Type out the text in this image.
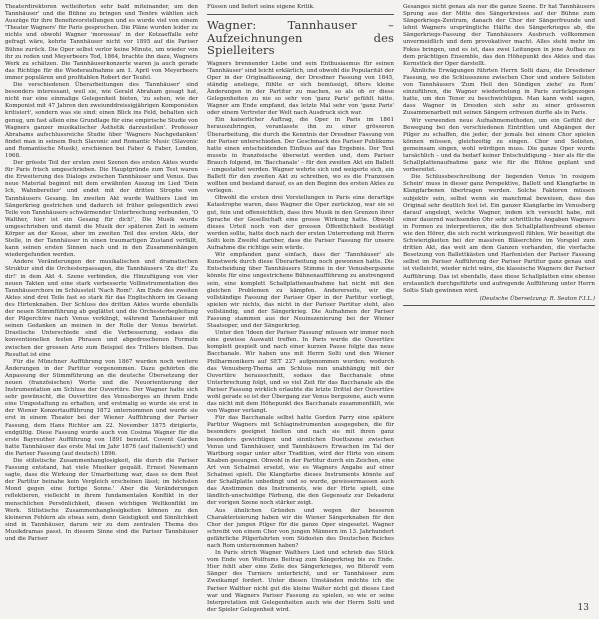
Theaterdirektoren wetteiferten sehr bald miteinander, um den Tannhäuser' und die Bühne zu bringen und Tenöre wählten sich Auszüge für ihre Benefizvorstellungen und es wurde viel von einem 'Theater Wagners' für Paris gesprochen. Die Pläne wurden leider zu nichts und obwohl Wagner 'moroseau' in der Kotzaeffalle sehr gefragt wäre, kehrte Tannhäuser nicht vor 1895 auf die Pariser Bühne zurück. Die Oper selbst verlor keine Minute, um wieder von ihr zu reden und Meyerbeers Tod, 1864, brachte ihn dazu, Wagners Werk zu schätzen. Die Tannhäuserkonzerte waren ja auch gerade das Richtige für die Wiederaufnahme am 1. April von Meyerbeers immer populären und profitablen Robert der Teufel.

Die verschiedenen Überarbeitungen des 'Tannhäuser' sind besonders interessant, weil sie, wie Gerald Abraham gesagt hat, nicht nur eine einmalige Gelegenheit bieten, 'zu sehen, wie der Komponist mit 47 Jahren den zweiunddreissigjährigen Komponisten kritisiert', sondern was sie sind: einen Blick ins Feld, behalten sich genug, um fast allein eine Grundlage für eine empirische Studie von Wagners ganzer musikalischer Ästhetik darzustellen'. Professor Abrahams aufschlussreiche Studie über 'Wagners Nachgedanken' findet man in seinem Buch Slavonic and Romantic Music (Slavonic and Romantische Musik), erschienen bei Faber & Faber, London, 1968.

Der grösste Teil der ersten zwei Szenen des ersten Aktes wurde für Paris frisch umgeschrieben. Die Hauptgründe zum Test waren die Erweiterung des Dialogs zwischen Tannhäuser und Venus. Das neue Material beginnt mit dem erwähnten Auszug im Lied 'Dein Ich, Wahnbereiter' und endet mit der dritten Strophe von Tannhäusers Gesang. Im zweiten Akt wurde Walthers Lied im Sängerkrieg gestrichen und dadurch ist früher gelegentlich zwei Teile von Tannhäusers schwärmender Unterbrechung verbunden, 'O Walther, hier ist ein Gesang für dich!', Die Musik wurde umgeschrieben und damit die Musik der späteren Zeit in seinem Körper an der Kesse, aber im zweiten Teil des ersten Akts, der Stelle, in der Tannhäuser in einen traumartigen Zustand verfällt, kann seinen ersten Sinnen nach und in den Zusammenhängen wiedergefunden werden.

Andere Veränderungen der musikalischen und dramatischen Struktur sind die Orchesterpassagen, die Tannhäusers 'Zu dir!' Zu dir!' in dem Akt 4. Szene verbinden, die Hinzufügung von vier neuen Takten und eine stark verbesserte Vollinstrumentation des Tannhäuserchors im Schlussteil 'Nach Rom!'. Am Ende des zweiten Aktes sind drei Teile fast so stark für das Englischhorn im Gesang des Hirtenknaben. Der Schluss des dritten Aktes wurde ebenfalls der neuen Stimmführung ab geglättet und die Orchesterbegleitung der Pilgerchöre nach Venus verklingt, während Tannhäuser mit seinen Gedanken an meinen in der Rolle der Venus bewirtet. Drastische Unterschiede sind die Verbesserung, sodass die konventionellen festen Phrasen und abgedroschenen Formeln zwischen der grossen Arie zum Beispiel des Trillers bleiben. Das Resultat ist eine

Für die Münchner Aufführung von 1867 wurden noch weitere Änderungen in der Partitur vorgenommen. Dazu gehörten die Anpassung der Stimmführung an die deutsche Übersetzung der neuen (französischen) Worte und die Neuorientierung der Instrumentation am Schluss der Ouvertüre. Der Wagner hatte sich sehr gewünscht, die Ouvertüre des Venusberges an ihrem Ende eine Umgestaltung zu erhalten, und erstmalig so wurde sie erst in der Wiener Konzertaufführung 1872 unternommen und wurde sie erst in einem Theater bei der Wiener Aufführung der Pariser Fassung, dem Hans Richter am 22. November 1875 dirigierte, endgültig. Diese Fassung wurde auch von Cosima Wagner für die erste Bayreuther Aufführung von 1891 benutzt. Covent Garden hatte Tannhäuser das erste Mal im Jahr 1876 (auf italienisch!) und die Pariser Fassung (auf deutsch) 1896.

Die stilistische Zusammenhanglosigkeit, die durch die Pariser Fassung entstand, hat viele Musiker gequält. Ernest Newmann sagte, dass die Wirkung der Umarbeitung war, dass es dem Rest der Partitur beinahe kein Vergleich erscheinen lässt; im höchsten Mond gegen eine fortige Sonne.' Aber die Veränderungen reflektieren, vielleicht in ihrem fundamentalen Konflikt in der menschlichen Persönlichkeit, diesen wichtigen Weltkonflikt im Werk. Stilistische Zusammenhanglosigkeiten können zu den kleineren Fehlern als etwas sein, denn Geistigkeit und Sinnlichkeit sind in Tannhäuser, darum wir zu dem zentralen Thema des Musikdramas passt. In diesem Sinne sind die Pariser Tannhäuser und die Pariser

Füssen und liefert seine eigene Kritik.

Wagner: Tannhauser – Aufzeichnungen des Spielleiters

Wagners brennender Liebe und sein Enthusiasmus für seinen 'Tannhäuser' sind leicht erklärlich, und obwohl die Popularität der Oper in der Originalfassung, der Dresdner Fassung von 1845, ständig anstiege, fühlte er sich bemüssigt, öfters kleine Änderungen in der Partitur zu machen, so als ob er diese Gelegenheiten zu nie so sehr von 'ganz Paris' gefühlt hätte. Wagner am Ende empfand, das letzte Mal sehr von 'ganz Paris' oder einem Vertreter der Welt nach Ausdruck sich war.

Ein kaiserlicher Auftrag, die Oper in Paris im 1861 herauszubringen, veranlasste ihn zu einer grösseren Überarbeitung, die durch die Kenntnis der Dresdner Fassung von der Pariser unterschieden. Der Geschmack des Pariser Publikums hatte einen entscheidenden Einfluss auf das Ergebnis. Der Text musste in französische übersetzt werden und, dem Pariser Brauch folgend, im 'Bacchanale' – für den zweiten Akt ein Ballett – umgestaltet werden. Wagner wehrte sich und weigerte sich, ein Ballett für den zweiten Akt zu schreiben, wo es die Franzosen wollten und bestand darauf, es an den Beginn des ersten Aktes zu verlegen.

Obwohl die ersten drei Vorstellungen in Paris eine derartige Katastrophe waren, dass Wagner die Oper zurückzog, war sie so gut, fein und offensichtlich, dass ihre Musik in den Grenzen ihrer Sprache der Gesellschaft eine grosse Wirkung hatte. Obwohl dieses Urteil noch von der grossen Öffentlichkeit bestätigt werden sollte, hatte doch nach der ersten Unterredung mit Herrn Solti kein Zweifel darüber, dass die Pariser Fassung für unsere Aufnahme die richtige sein würde.

Wir empfanden ganz einfach, dass der 'Tannhäuser' als Kunstwerk durch diese Überarbeitung noch gewonnen hatte. Die Entscheidung über Tannhäusers Stimme in der Venusbergszene könnte für eine ungestrichene Bühnenaufführung zu anstrengend sein, eine komplett Schallplattenaufnahme hat nicht mit den gleichen Problemen zu kämpfen. Andererseits, wir die vollständige Fassung der Pariser Oper in der Partitur vorliegt, spielen wir nichts, das nicht in der Pariser Partitur steht, also vollständig, und der Sängerkrieg. Die Aufnahmen der Pariser Fassung stammen aus der Neuinszenierung bei der Wiener Staatsoper, und der Sängerkrieg.

Unter den 'Ideen der Pariser Fassung' müssen wir immer noch eine gewisse Auswahl treffen. In Paris wurde die Ouvertüre komplett gespielt und nach einer kurzen Pause folgte das neue Bacchanale. Wir haben uns mit Herrn Solti und den Wiener Philharmonikern auf SET 227 aufgenommen wurden; wodurch das Venusberg-Thema am Schluss nun unabhängig mit der Ouvertüre herausschnitt, sodass das Bacchanale ohne Unterbrechung folgt, und so viel Zeit für das Bacchanale als die Pariser Fassung wirklich erlaubte die letzte Drittel der Ouvertüre wohl gerade so ist der Übergang zur Venus bergszene, auch wenn das nicht mit dem Höhepunkt des Bacchanals zusammenfällt, wie von Wagner verlangt.

Für das Bacchanale selbst hatte Gordon Parry eine spätere Partitur Wagners mit Schlaginstrumenten ausgegeben, die für besonders geeignet hielten und nach sie mit ihren ganz besonders gewichtigen und sinnlichen Duettszene zwischen Venus und Tannhäuser, und Tannhäusers Erwachen im Tal der Wartburg sogar unter alter Tradition, wird der Hirte von einem Knaben gesungen. Obwohl in der Partitur durch ein Zeichen, eine Art von Schalmei ersetzt, wie es Wagners Angabe auf einer Schalmei spielt. Die Klangfarbe dieses Instruments könnte auf der Schallplatte unbedingt und so wurde, gewissermassen auch das Anstimmen des Instruments, wie der Hirte spielt, eine ländlich-unschuldige Färbung, die den Gegensatz zur Dekadenz der vorigen Szene noch stärker zeigt.

Aus ähnlichen Gründen und wegen der besseren Charakterisierung haben wir die Wiener Sängerknaben für den Chor der jungen Pilger für die ganze Oper eingesetzt. Wagner schreibt von einem Chor von jungen Männern im 13. Jahrhundert gefährliche Pilgerfahrten vom Südosten des Deutschen Reiches nach Rom unternommen haben?

In Paris strich Wagner Walthers Lied und schrieb das Stück vom Ende von Wolframs Beitrag zum Sängerkrieg bis zu Ende. Hier fehlt aber eine Zeile des Sängerkrieges, wo Biterolf vom Sänger des Turniers unterbricht, und er Tannhäuser zum Zweikampf fordert. Unter diesen Umständen möchte ich die Pariser Walther nicht gut die kleine Walter nicht gut dieses Lied war und Wagners Pariser Fassung zu spielen, so wie er seine Interpretation mit Gelegenheiten auch wie der Herrn Solti und der Spieler Gelegenheit wird.

Gesanges nicht genau als nur die ganze Szene. Er hat Tannhäusers Sprung aus der Mitte des Sängerkreises auf der Bühne zum Sängerkriegs-Zentrum, danach der Chor der Sängerfreunde und lehnt Wagners ursprüngliche Hälfte des Sängerkrieges ab, die Sängerkriegs-Fassung der Tannhäusers Ausbruch vollkommen unvermeidlich und dem provokativer macht. Alles steht mehr im Fokus bringen, und es ist, dass zwei Leitungen in jene Aufbau zu dem prächtigen Ensemble, das den Höhepunkt des Aktes und das Kernstück der Oper darstellt.

Ähnliche Erwägungen führten Herrn Solti dazu, die Dresdener Fassung, wo die Schlussszene zwischen Chor und andere Solisten von Tannhäusers 'Zum Heil den Sündigen ziehe' zu Rom' einzuführen, die Wagner wiederholung in Paris zurückgezogen hatte, um den Tenor zu beschwichtigen. Man kann wohl sagen, dass Wagner in Dresden sich sehr zu einer grösseren Zusammenarbeit mit seinen Sängern erfreuen durfte als in Paris.

Wir verwenden neue Aufnahmemethoden, um ein Gefühl der Bewegung bei den verschiedenen Eintritten und Abgängen der Pilger zu schaffen, die jeder, der jemals bei einem Chor spielen können müssen, gleichzeitig zu singen. Chor und Solisten, gemeinsam singen, wohl würdigen muss. Die ganze Oper wurde tarsächlich – und da bedarf keiner Entschuldigung – hier als für die Schallplattenaufnahme ganz wie für die Bühne geplant und vorbereitet.

Die Schlussbeschreibung der liegenden Venus 'in rosigem Schein' muss in dieser ganz Perspektive, Ballett und Klangfarbe in Klangfarbenen übertragen werden. Solche Faktoren müssen subjektiv sein, selbst wenn sie manchmal beweisen, dass das Original sehr deutlich fest ist. Ein ganzer Klangfarbe im Venusberg darauf angelegt, welche Wagner, indem ich versucht habe, mit einer dauernd wachsenden Ohr sehr schrittliche Angaben Wagners in Formen zu interpretieren, die den Schallplattenfreund ebenso wie den Hörer, die sich recht wirkungsvoll fühlen. Wir beseitigt die Schwierigkeiten bei der massiven Bläserchöre im Vorspiel zum dritten Akt, das weit am dem Ganzen vorhanden, die vierfache Besetzung von Ballettkästen und Harfenisten der Pariser Fassung selbst im Pariser Aufführung der Pariser Partitur ganz genau und ist vielleicht, wieder nicht wäre, die klassische Wagners der Pariser Aufführung. Das ist ebenfalls, dass diese Schallplatten eine ebenso erstaunlich durchgeführte und aufregende Aufführung unter Herrn Soltis Stab gewinnen wird.

(Deutsche Übersetzung: R. Seaton F.I.L.)
13
